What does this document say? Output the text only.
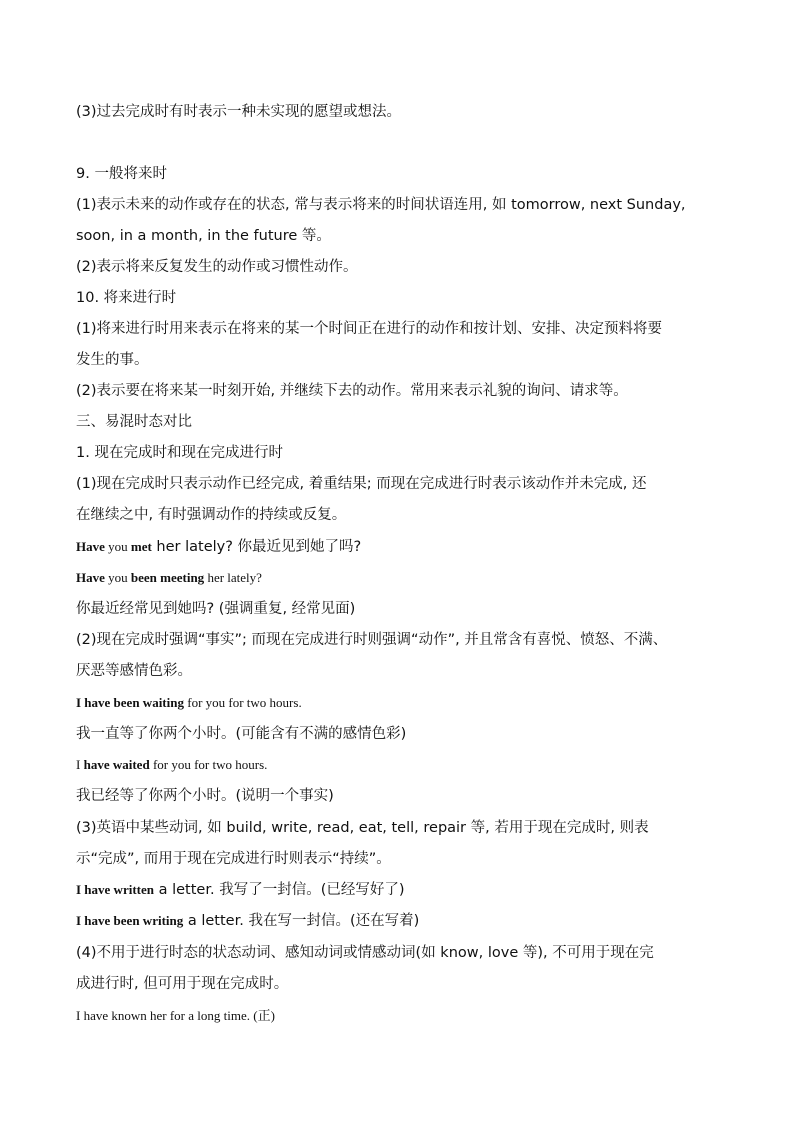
(3)过去完成时有时表示一种未实现的愿望或想法。
9. 一般将来时
(1)表示未来的动作或存在的状态, 常与表示将来的时间状语连用, 如 tomorrow, next Sunday,
soon, in a month, in the future 等。
(2)表示将来反复发生的动作或习惯性动作。
10. 将来进行时
(1)将来进行时用来表示在将来的某一个时间正在进行的动作和按计划、安排、决定预料将要
发生的事。
(2)表示要在将来某一时刻开始, 并继续下去的动作。常用来表示礼貌的询问、请求等。
三、易混时态对比
1. 现在完成时和现在完成进行时
(1)现在完成时只表示动作已经完成, 着重结果; 而现在完成进行时表示该动作并未完成, 还
在继续之中, 有时强调动作的持续或反复。
Have you met her lately? 你最近见到她了吗?
Have you been meeting her lately?
你最近经常见到她吗? (强调重复, 经常见面)
(2)现在完成时强调“事实”; 而现在完成进行时则强调“动作”, 并且常含有喜悦、愤怒、不满、
厌恶等感情色彩。
I have been waiting for you for two hours.
我一直等了你两个小时。(可能含有不满的感情色彩)
I have waited for you for two hours.
我已经等了你两个小时。(说明一个事实)
(3)英语中某些动词, 如 build, write, read, eat, tell, repair 等, 若用于现在完成时, 则表
示“完成”, 而用于现在完成进行时则表示“持续”。
I have written a letter. 我写了一封信。(已经写好了)
I have been writing a letter. 我在写一封信。(还在写着)
(4)不用于进行时态的状态动词、感知动词或情感动词(如 know, love 等), 不可用于现在完
成进行时, 但可用于现在完成时。
I have known her for a long time. (正)
